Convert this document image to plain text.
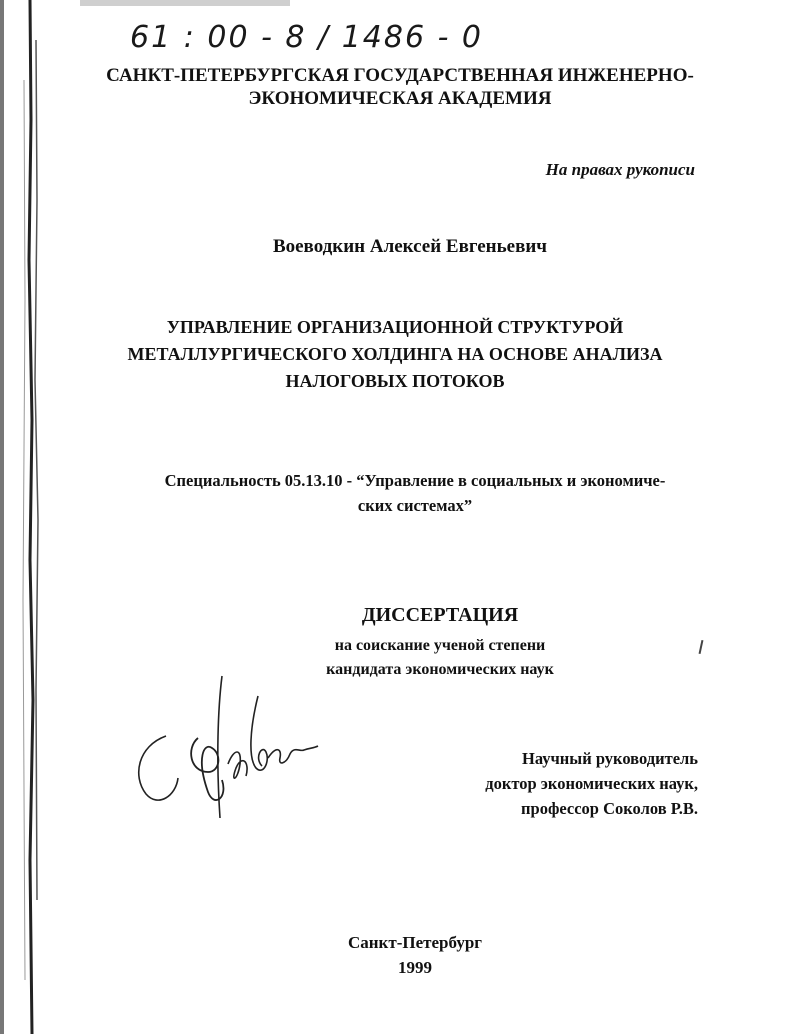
61 : 00 - 8 / 1486 - 0
САНКТ-ПЕТЕРБУРГСКАЯ ГОСУДАРСТВЕННАЯ ИНЖЕНЕРНО-
ЭКОНОМИЧЕСКАЯ АКАДЕМИЯ
На правах рукописи
Воеводкин Алексей Евгеньевич
УПРАВЛЕНИЕ ОРГАНИЗАЦИОННОЙ СТРУКТУРОЙ
МЕТАЛЛУРГИЧЕСКОГО ХОЛДИНГА НА ОСНОВЕ АНАЛИЗА
НАЛОГОВЫХ ПОТОКОВ
Специальность 05.13.10 - “Управление в социальных и экономиче-
ских системах”
ДИССЕРТАЦИЯ
на соискание ученой степени
кандидата экономических наук
Научный руководитель
доктор экономических наук,
профессор Соколов Р.В.
Санкт-Петербург
1999
